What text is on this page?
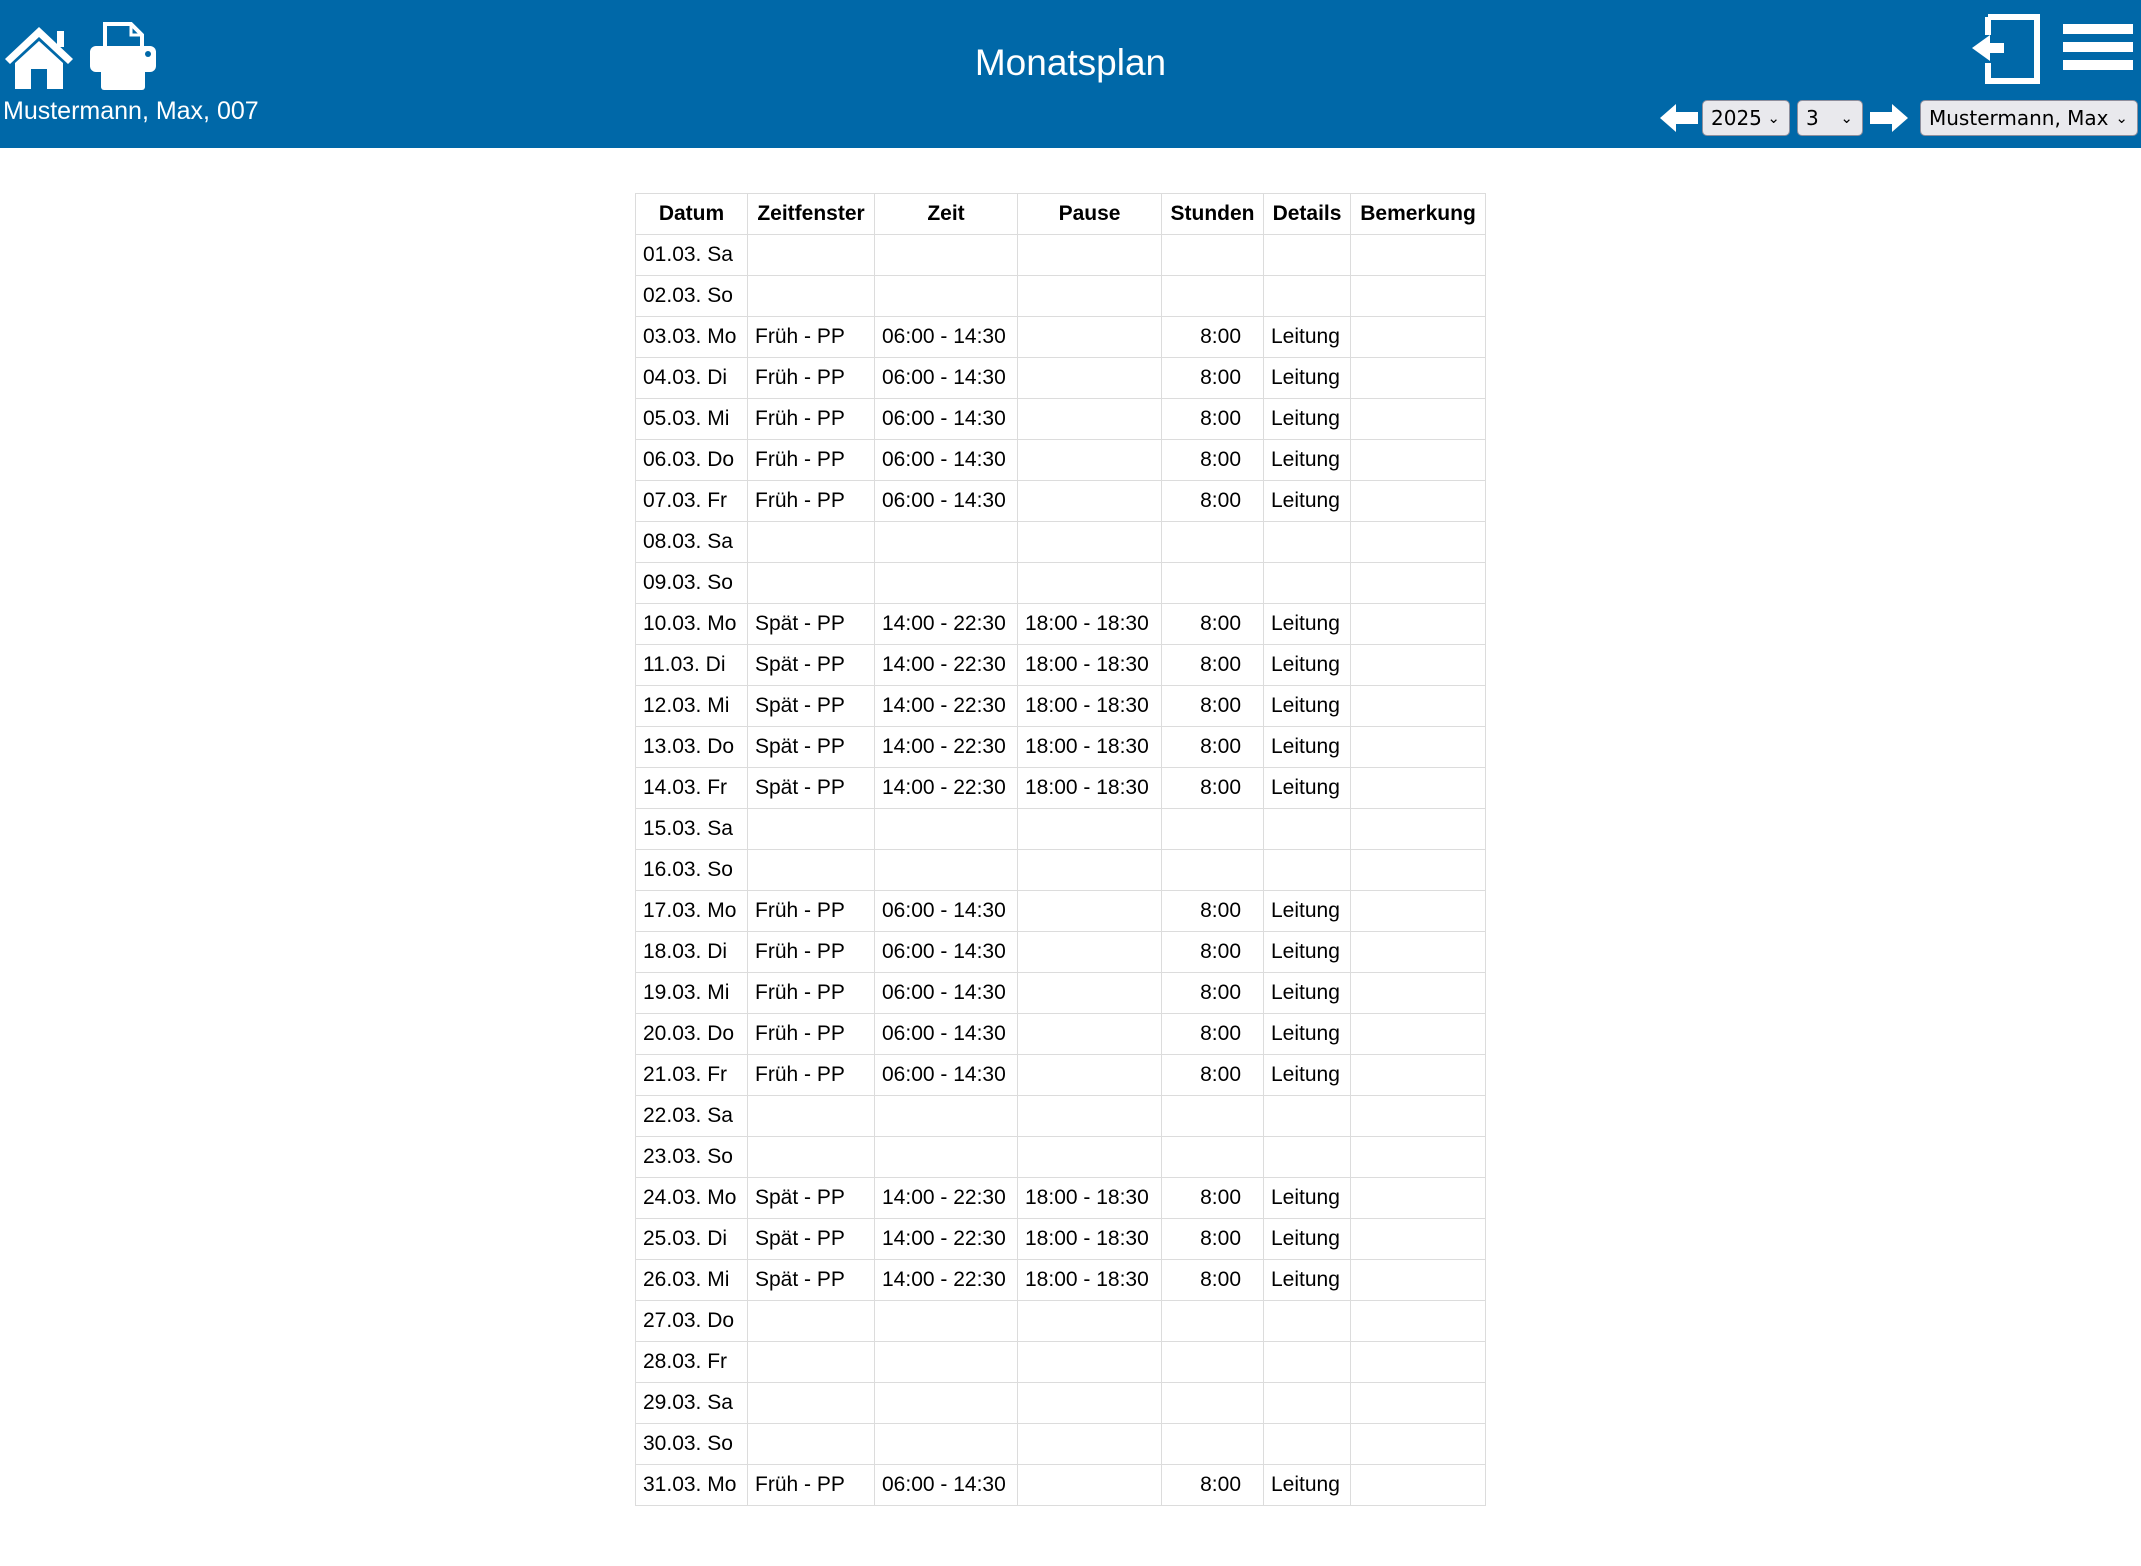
Mustermann, Max, 007
Monatsplan
2025 ⌄	3 ⌄	Mustermann, Max ⌄
Datum	Zeitfenster	Zeit	Pause	Stunden	Details	Bemerkung
01.03. Sa						
02.03. So						
03.03. Mo	Früh - PP	06:00 - 14:30		8:00	Leitung	
04.03. Di	Früh - PP	06:00 - 14:30		8:00	Leitung	
05.03. Mi	Früh - PP	06:00 - 14:30		8:00	Leitung	
06.03. Do	Früh - PP	06:00 - 14:30		8:00	Leitung	
07.03. Fr	Früh - PP	06:00 - 14:30		8:00	Leitung	
08.03. Sa						
09.03. So						
10.03. Mo	Spät - PP	14:00 - 22:30	18:00 - 18:30	8:00	Leitung	
11.03. Di	Spät - PP	14:00 - 22:30	18:00 - 18:30	8:00	Leitung	
12.03. Mi	Spät - PP	14:00 - 22:30	18:00 - 18:30	8:00	Leitung	
13.03. Do	Spät - PP	14:00 - 22:30	18:00 - 18:30	8:00	Leitung	
14.03. Fr	Spät - PP	14:00 - 22:30	18:00 - 18:30	8:00	Leitung	
15.03. Sa						
16.03. So						
17.03. Mo	Früh - PP	06:00 - 14:30		8:00	Leitung	
18.03. Di	Früh - PP	06:00 - 14:30		8:00	Leitung	
19.03. Mi	Früh - PP	06:00 - 14:30		8:00	Leitung	
20.03. Do	Früh - PP	06:00 - 14:30		8:00	Leitung	
21.03. Fr	Früh - PP	06:00 - 14:30		8:00	Leitung	
22.03. Sa						
23.03. So						
24.03. Mo	Spät - PP	14:00 - 22:30	18:00 - 18:30	8:00	Leitung	
25.03. Di	Spät - PP	14:00 - 22:30	18:00 - 18:30	8:00	Leitung	
26.03. Mi	Spät - PP	14:00 - 22:30	18:00 - 18:30	8:00	Leitung	
27.03. Do						
28.03. Fr						
29.03. Sa						
30.03. So						
31.03. Mo	Früh - PP	06:00 - 14:30		8:00	Leitung	
